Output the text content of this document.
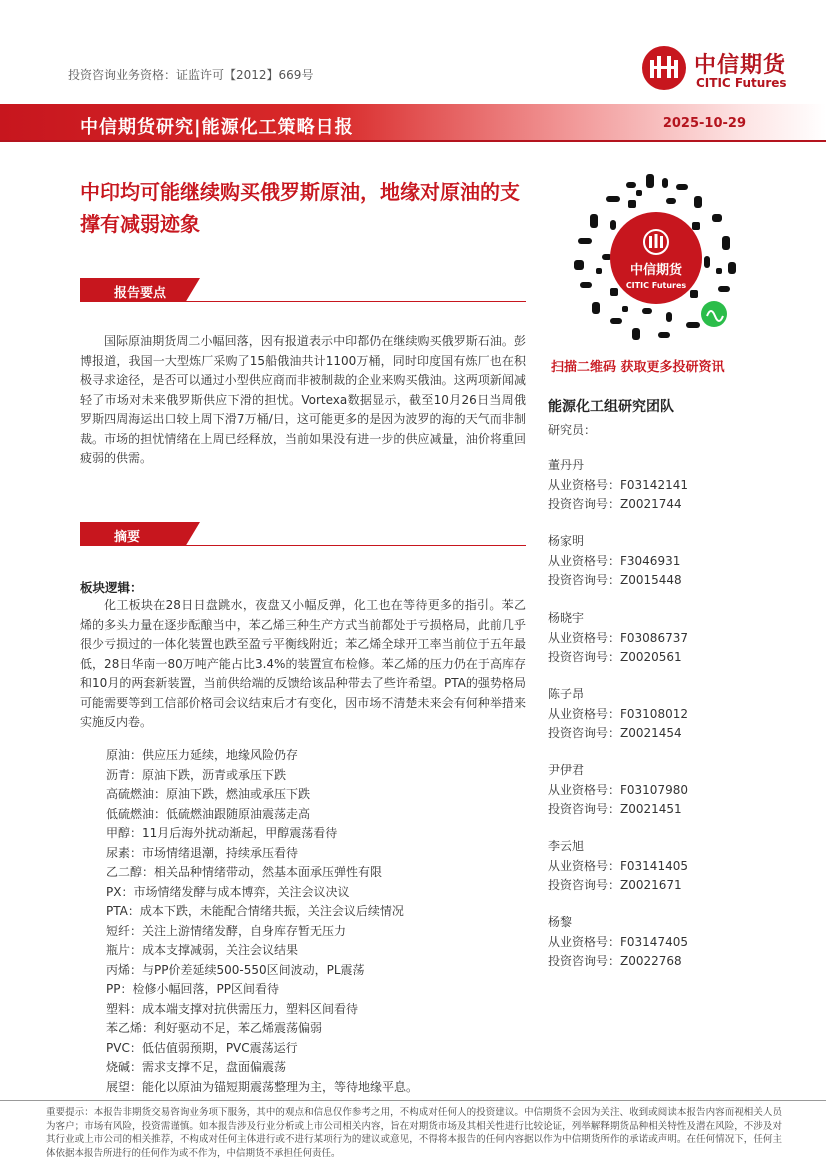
投资咨询业务资格：证监许可【2012】669号	中信期货
CITIC Futures
中信期货研究|能源化工策略日报	2025-10-29
中印均可能继续购买俄罗斯原油，地缘对原油的支撑有减弱迹象
报告要点
国际原油期货周二小幅回落，因有报道表示中印都仍在继续购买俄罗斯石油。彭博报道，我国一大型炼厂采购了15船俄油共计1100万桶，同时印度国有炼厂也在积极寻求途径，是否可以通过小型供应商而非被制裁的企业来购买俄油。这两项新闻减轻了市场对未来俄罗斯供应下滑的担忧。Vortexa数据显示，截至10月26日当周俄罗斯四周海运出口较上周下滑7万桶/日，这可能更多的是因为波罗的海的天气而非制裁。市场的担忧情绪在上周已经释放，当前如果没有进一步的供应减量，油价将重回疲弱的供需。
摘要
板块逻辑：
化工板块在28日日盘跳水，夜盘又小幅反弹，化工也在等待更多的指引。苯乙烯的多头力量在逐步酝酿当中，苯乙烯三种生产方式当前都处于亏损格局，此前几乎很少亏损过的一体化装置也跌至盈亏平衡线附近；苯乙烯全球开工率当前位于五年最低，28日华南一80万吨产能占比3.4%的装置宣布检修。苯乙烯的压力仍在于高库存和10月的两套新装置，当前供给端的反馈给该品种带去了些许希望。PTA的强势格局可能需要等到工信部价格司会议结束后才有变化，因市场不清楚未来会有何种举措来实施反内卷。
原油：供应压力延续，地缘风险仍存
沥青：原油下跌，沥青或承压下跌
高硫燃油：原油下跌，燃油或承压下跌
低硫燃油：低硫燃油跟随原油震荡走高
甲醇：11月后海外扰动渐起，甲醇震荡看待
尿素：市场情绪退潮，持续承压看待
乙二醇：相关品种情绪带动，然基本面承压弹性有限
PX：市场情绪发酵与成本博弈，关注会议决议
PTA：成本下跌，未能配合情绪共振，关注会议后续情况
短纤：关注上游情绪发酵，自身库存暂无压力
瓶片：成本支撑减弱，关注会议结果
丙烯：与PP价差延续500-550区间波动，PL震荡
PP：检修小幅回落，PP区间看待
塑料：成本端支撑对抗供需压力，塑料区间看待
苯乙烯：利好驱动不足，苯乙烯震荡偏弱
PVC：低估值弱预期，PVC震荡运行
烧碱：需求支撑不足，盘面偏震荡
展望：能化以原油为锚短期震荡整理为主，等待地缘平息。
中信期货
CITIC Futures
扫描二维码 获取更多投研资讯
能源化工组研究团队
研究员：
董丹丹
从业资格号：F03142141
投资咨询号：Z0021744
杨家明
从业资格号：F3046931
投资咨询号：Z0015448
杨晓宇
从业资格号：F03086737
投资咨询号：Z0020561
陈子昂
从业资格号：F03108012
投资咨询号：Z0021454
尹伊君
从业资格号：F03107980
投资咨询号：Z0021451
李云旭
从业资格号：F03141405
投资咨询号：Z0021671
杨黎
从业资格号：F03147405
投资咨询号：Z0022768
重要提示：本报告非期货交易咨询业务项下服务，其中的观点和信息仅作参考之用，不构成对任何人的投资建议。中信期货不会因为关注、收到或阅读本报告内容而视相关人员为客户；市场有风险，投资需谨慎。如本报告涉及行业分析或上市公司相关内容，旨在对期货市场及其相关性进行比较论证，列举解释期货品种相关特性及潜在风险，不涉及对其行业或上市公司的相关推荐，不构成对任何主体进行或不进行某项行为的建议或意见，不得将本报告的任何内容据以作为中信期货所作的承诺或声明。在任何情况下，任何主体依据本报告所进行的任何作为或不作为，中信期货不承担任何责任。
